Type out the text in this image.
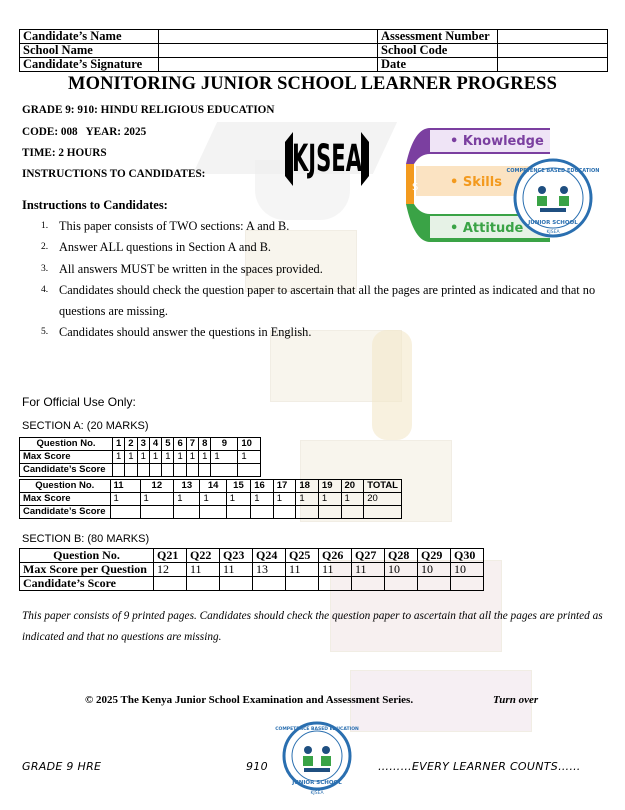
Candidate’s Name		Assessment Number	
School Name		School Code	
Candidate’s Signature		Date	
MONITORING JUNIOR SCHOOL LEARNER PROGRESS
GRADE 9: 910: HINDU RELIGIOUS EDUCATION
CODE: 008   YEAR: 2025
TIME: 2 HOURS
INSTRUCTIONS TO CANDIDATES:	KJSEA
S
• Knowledge
• Skills
• Attitude
COMPETENCE BASED EDUCATION
JUNIOR SCHOOL
KJSEA
Instructions to Candidates:
1. This paper consists of TWO sections: A and B.
2. Answer ALL questions in Section A and B.
3. All answers MUST be written in the spaces provided.
4. Candidates should check the question paper to ascertain that all the pages are printed as indicated and that no questions are missing.
5. Candidates should answer the questions in English.
For Official Use Only:
SECTION A: (20 MARKS)
Question No.	1	2	3	4	5	6	7	8	9	10
Max Score	1	1	1	1	1	1	1	1	1	1
Candidate’s Score										
Question No.	11	12	13	14	15	16	17	18	19	20	TOTAL
Max Score	1	1	1	1	1	1	1	1	1	1	20
Candidate’s Score											
SECTION B: (80 MARKS)
Question No.	Q21	Q22	Q23	Q24	Q25	Q26	Q27	Q28	Q29	Q30
Max Score per Question	12	11	11	13	11	11	11	10	10	10
Candidate’s Score										
This paper consists of 9 printed pages. Candidates should check the question paper to ascertain that all the pages are printed as indicated and that no questions are missing.
© 2025 The Kenya Junior School Examination and Assessment Series.	Turn over
COMPETENCE BASED EDUCATION
JUNIOR SCHOOL
KJSEA
GRADE 9 HRE	910	………EVERY LEARNER COUNTS……
